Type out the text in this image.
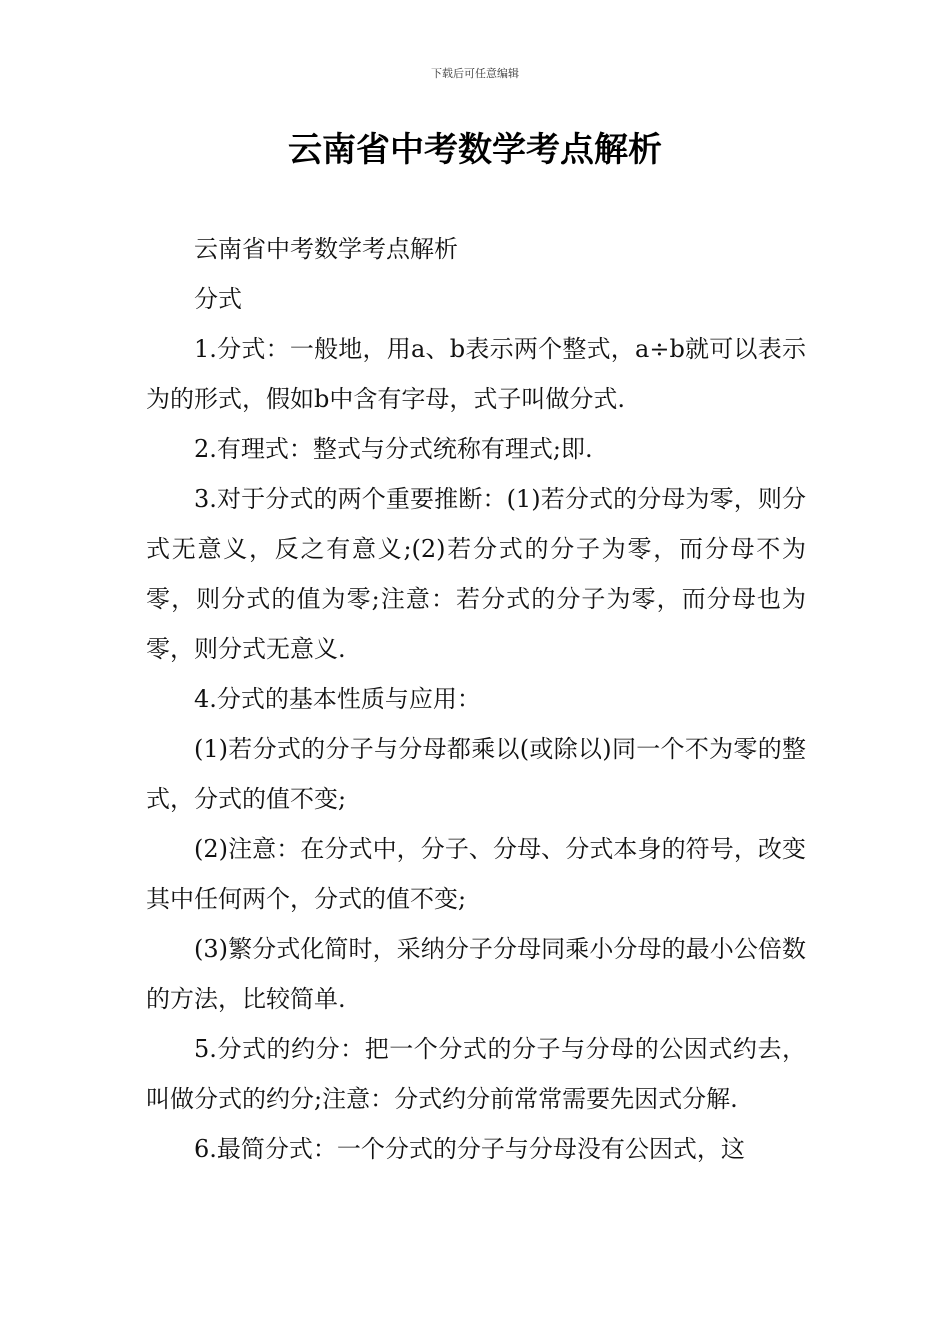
下载后可任意编辑
云南省中考数学考点解析

云南省中考数学考点解析

分式

1.分式：一般地，用a、b表示两个整式，a÷b就可以表示为的形式，假如b中含有字母，式子叫做分式.

2.有理式：整式与分式统称有理式;即.

3.对于分式的两个重要推断：(1)若分式的分母为零，则分式无意义，反之有意义;(2)若分式的分子为零，而分母不为零，则分式的值为零;注意：若分式的分子为零，而分母也为零，则分式无意义.

4.分式的基本性质与应用：

(1)若分式的分子与分母都乘以(或除以)同一个不为零的整式，分式的值不变;

(2)注意：在分式中，分子、分母、分式本身的符号，改变其中任何两个，分式的值不变;

(3)繁分式化简时，采纳分子分母同乘小分母的最小公倍数的方法，比较简单.

5.分式的约分：把一个分式的分子与分母的公因式约去，叫做分式的约分;注意：分式约分前常常需要先因式分解.

6.最简分式：一个分式的分子与分母没有公因式，这
